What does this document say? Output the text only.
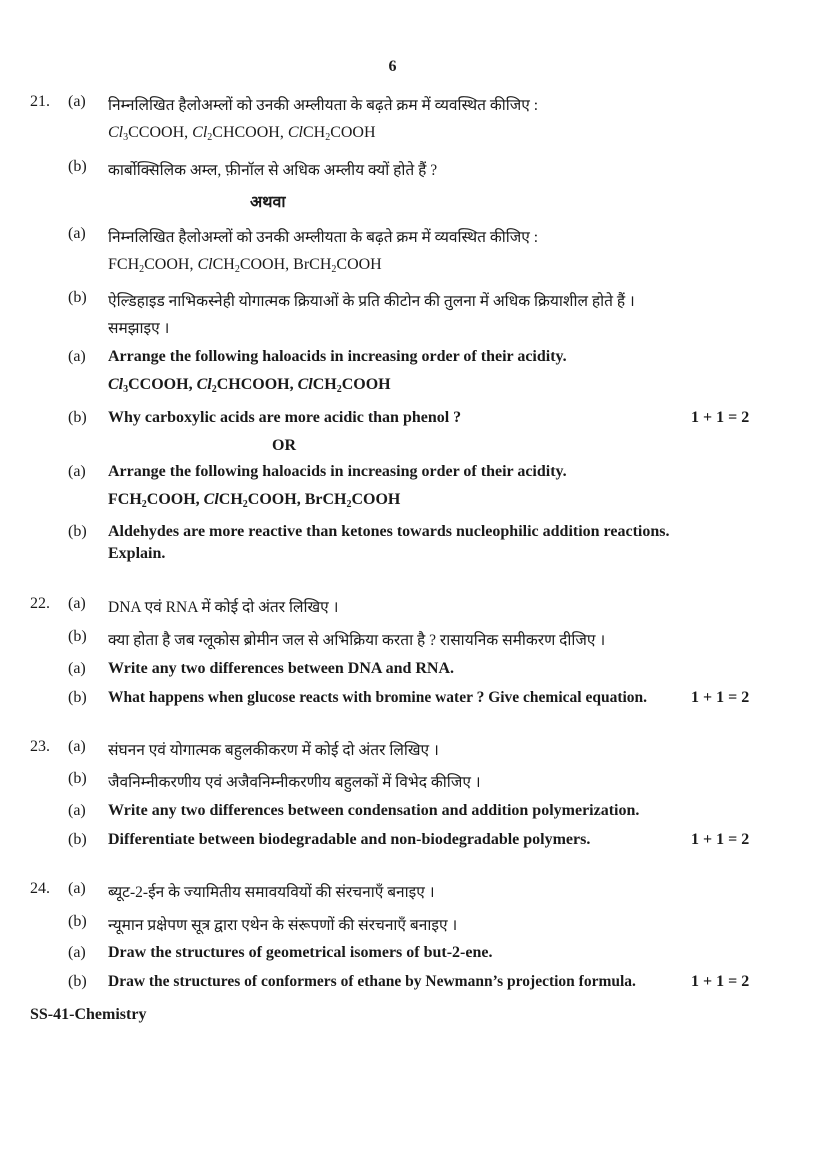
6
21. (a) निम्नलिखित हैलोअम्लों को उनकी अम्लीयता के बढ़ते क्रम में व्यवस्थित कीजिए :
$Cl_3CCOOH$, $Cl_2CHCOOH$, ClCH$_2$COOH
(b) कार्बोक्सिलिक अम्ल, फ़ीनॉल से अधिक अम्लीय क्यों होते हैं ?
अथवा
(a) निम्नलिखित हैलोअम्लों को उनकी अम्लीयता के बढ़ते क्रम में व्यवस्थित कीजिए :
$FCH_2COOH$, ClCH$_2$COOH, BrCH$_2$COOH
(b) ऐल्डिहाइड नाभिकस्नेही योगात्मक क्रियाओं के प्रति कीटोन की तुलना में अधिक क्रियाशील होते हैं ।
समझाइए ।
(a) Arrange the following haloacids in increasing order of their acidity.
$Cl_3CCOOH$, $Cl_2CHCOOH$, ClCH$_2$COOH
(b) Why carboxylic acids are more acidic than phenol ?	1 + 1 = 2
OR
(a) Arrange the following haloacids in increasing order of their acidity.
$FCH_2COOH$, ClCH$_2$COOH, BrCH$_2$COOH
(b) Aldehydes are more reactive than ketones towards nucleophilic addition reactions.
Explain.
22. (a) DNA एवं RNA में कोई दो अंतर लिखिए ।
(b) क्या होता है जब ग्लूकोस ब्रोमीन जल से अभिक्रिया करता है ? रासायनिक समीकरण दीजिए ।
(a) Write any two differences between DNA and RNA.
(b) What happens when glucose reacts with bromine water ? Give chemical equation.	1 + 1 = 2
23. (a) संघनन एवं योगात्मक बहुलकीकरण में कोई दो अंतर लिखिए ।
(b) जैवनिम्नीकरणीय एवं अजैवनिम्नीकरणीय बहुलकों में विभेद कीजिए ।
(a) Write any two differences between condensation and addition polymerization.
(b) Differentiate between biodegradable and non-biodegradable polymers.	1 + 1 = 2
24. (a) ब्यूट-2-ईन के ज्यामितीय समावयवियों की संरचनाएँ बनाइए ।
(b) न्यूमान प्रक्षेपण सूत्र द्वारा एथेन के संरूपणों की संरचनाएँ बनाइए ।
(a) Draw the structures of geometrical isomers of but-2-ene.
(b) Draw the structures of conformers of ethane by Newmann’s projection formula.	1 + 1 = 2
SS-41-Chemistry
